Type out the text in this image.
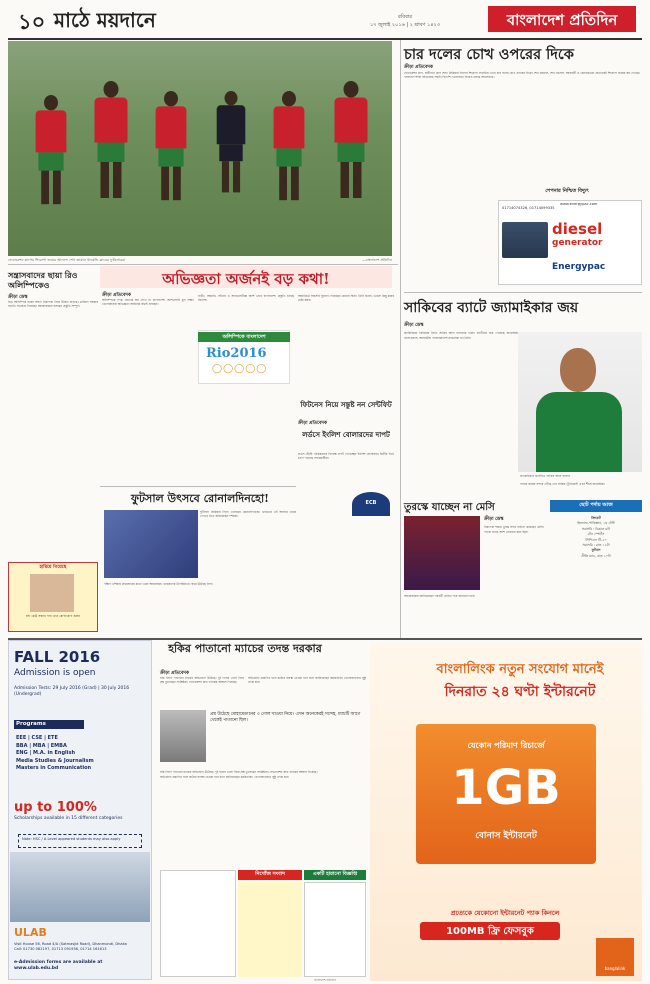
১০ মাঠে ময়দানে	রবিবার
১৭ জুলাই ২০১৬ | ২ শ্রাবণ ১৪২৩	বাংলাদেশ প্রতিদিন
ফেডারেশন কাপের শিরোপা জয়ের আনন্দে শেখ জামাল ধানমন্ডি ক্লাবের ফুটবলাররা	—বাংলাদেশ প্রতিদিন
চার দলের চোখ ওপরের দিকে
ক্রীড়া প্রতিবেদক

ফেডারেশন কাপ, স্বাধীনতা কাপ শেষ। প্রিমিয়ার লিগের শিরোপা লড়াইয়ে এখন চার দলের চোখ ওপরের দিকে। শেখ জামাল, শেখ রাসেল, আবাহনী ও মোহামেডান প্রত্যেকেই শিরোপা জয়ের স্বপ্ন দেখছে। দলবদলে শক্তি বাড়িয়েছে সবাই। বিদেশি খেলোয়াড় নিয়েও চলছে আলোচনা।

শেপনার নিশ্চিত বিদ্যুৎ
01714074326, 01714099335
www.energypac.com
diesel
generator
Energypac
সন্ত্রাসবাদের ছায়া রিও অলিম্পিকেও
ক্রীড়া ডেস্ক

রিও অলিম্পিক শুরুর আগে নিরাপত্তা নিয়ে উদ্বেগ বাড়ছে। ব্রাজিল সরকার বাড়তি সতর্কতা নিয়েছে। আয়োজকরা বলছেন প্রস্তুতি সম্পূর্ণ।

অভিজ্ঞতা অর্জনই বড় কথা!
ক্রীড়া প্রতিবেদক

অলিম্পিকে পদক জেতার স্বপ্ন দেখে না বাংলাদেশ। অংশগ্রহণই মূল লক্ষ্য। খেলোয়াড়রা অভিজ্ঞতা অর্জনের কথাই বলছেন।

শুটিং, আর্চারি, সাঁতার ও অ্যাথলেটিক্সে অংশ নেবে বাংলাদেশ। প্রস্তুতি চলছে বিদেশে।

আর্চারিতে সরাসরি সুযোগ পেয়েছেন রোমান সানা। তিনি বলেন, ভালো কিছু করার চেষ্টা করব।

অলিম্পিকে বাংলাদেশ
Rio2016
◯◯◯◯◯
ফিটনেস নিয়ে সন্তুষ্ট নন সেন্টফিট
ক্রীড়া প্রতিবেদক
লর্ডসে ইংলিশ বোলারদের দাপট

লর্ডস টেস্টে পাকিস্তানের বিপক্ষে দাপট দেখাচ্ছেন ইংলিশ বোলাররা। দ্বিতীয় দিনে চাপে পড়েছে সফরকারীরা।

ECB
হারিয়ে গিয়েছে
যদি কেউ সন্ধান পান তবে যোগাযোগ করুন
ফুটসাল উৎসবে রোনালদিনহো!

ফুটসাল প্রিমিয়ার লিগে খেলছেন রোনালদিনহো। ভারতের এই আসরে তাকে দেখতে ভিড় জমিয়েছেন দর্শকরা।

দক্ষিণ এশিয়ায় প্রথমবারের মতো এমন আয়োজন। তারকাদের উপস্থিতিতে জমে উঠেছে লিগ।

সাকিবের ব্যাটে জ্যামাইকার জয়
ক্রীড়া ডেস্ক

ক্যারিবিয়ান প্রিমিয়ার লিগে সাকিব আল হাসানের দারুণ ব্যাটিংয়ে জয় পেয়েছে জ্যামাইকা তালাওয়াস। অলরাউন্ড পারফরম্যান্সে ম্যাচসেরা হন তিনি।

জ্যামাইকার জার্সিতে সাকিব আল হাসান

দলকে জয়ের বন্দরে পৌঁছে দেন সাকিব। টুর্নামেন্টে এখন শীর্ষে জ্যামাইকা।

তুরস্কে যাচ্ছেন না মেসি
ক্রীড়া ডেস্ক

নিরাপত্তা শঙ্কায় তুরস্ক সফর বাতিল করেছেন মেসি। দাতব্য ম্যাচে অংশ নেওয়ার কথা ছিল।

আয়োজকরা জানিয়েছেন পরবর্তী তারিখ পরে জানানো হবে।

ছোট পর্দায় আজ
ক্রিকেট
ইংল্যান্ড-পাকিস্তান, ১ম টেস্ট
সরাসরি : বিকাল ৪টা
টেন স্পোর্টস
সিপিএল টি-২০
সরাসরি : রাত ১২টা
ফুটবল
প্রীতি ম্যাচ, রাত ১০টা
FALL 2016
Admission is open
Admission Tests: 29 July 2016 (Grad) | 30 July 2016 (Undergrad)
Programs
EEE | CSE | ETE
BBA | MBA | EMBA
ENG | M.A. in English
Media Studies & Journalism
Masters in Communication
up to 100%
Scholarships available in 15 different categories
Note: HSC / A Level appeared students may also apply
ULAB
Visit House 56, Road 4/A (Satmasjid Road), Dhanmondi, Dhaka
Call: 01730 082197, 01713 091936, 01714 161613
e-Admission forms are available at www.ulab.edu.bd
হকির পাতানো ম্যাচের তদন্ত দরকার
ক্রীড়া প্রতিবেদক

হকি লিগে পাতানো ম্যাচের অভিযোগ উঠেছে। দুই দলের খেলা নিয়ে প্রশ্ন তুলেছেন সংশ্লিষ্টরা। ফেডারেশন দ্রুত তদন্তের আশ্বাস দিয়েছে।

অভিযোগ প্রমাণিত হলে কঠোর ব্যবস্থা নেওয়া হবে বলে জানিয়েছেন কর্মকর্তারা। খেলোয়াড়রাও সুষ্ঠু তদন্ত চান।

প্রশ্ন উঠেছে মোহামেডানের ৩ গোল খাওয়া নিয়ে। এখন অনেকেরই সন্দেহ, ম্যাচটি আগে থেকেই পাতানো ছিল।

হকি লিগে পাতানো ম্যাচের অভিযোগ উঠেছে। দুই দলের খেলা নিয়ে প্রশ্ন তুলেছেন সংশ্লিষ্টরা। ফেডারেশন দ্রুত তদন্তের আশ্বাস দিয়েছে।

অভিযোগ প্রমাণিত হলে কঠোর ব্যবস্থা নেওয়া হবে বলে জানিয়েছেন কর্মকর্তারা। খেলোয়াড়রাও সুষ্ঠু তদন্ত চান।

নিখোঁজ সংবাদ	একটি হারানো বিজ্ঞপ্তি
বাংলালিংক নতুন সংযোগ মানেই
দিনরাত ২৪ ঘণ্টা ইন্টারনেট
যেকোন পরিমাণ রিচার্জে
1GB
বোনাস ইন্টারনেট
প্রত্যেকে যেকোনো ইন্টারনেট প্যাক কিনলে
100MB ফ্রি ফেসবুক
banglalink
বাংলাদেশ প্রতিদিন
